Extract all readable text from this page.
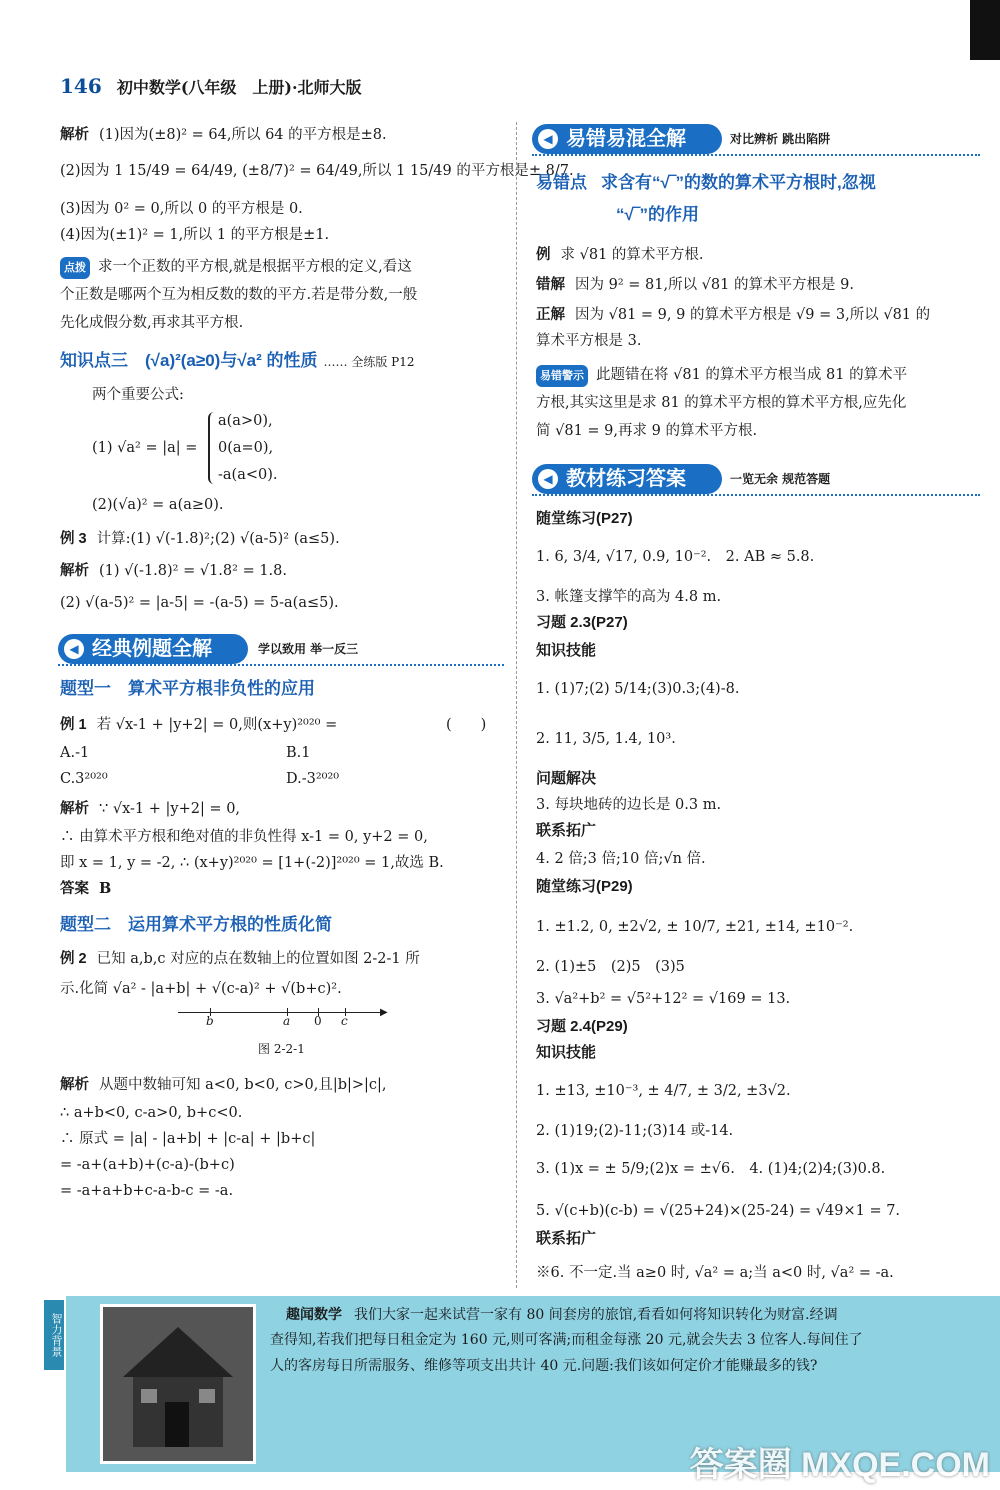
146 初中数学(八年级　上册)·北师大版
解析 (1)因为(±8)² = 64,所以 64 的平方根是±8.
(2)因为 1 15/49 = 64/49, (±8/7)² = 64/49,所以 1 15/49 的平方根是± 8/7.
(3)因为 0² = 0,所以 0 的平方根是 0.
(4)因为(±1)² = 1,所以 1 的平方根是±1.
点拨 求一个正数的平方根,就是根据平方根的定义,看这
个正数是哪两个互为相反数的数的平方.若是带分数,一般
先化成假分数,再求其平方根.
知识点三　(√a)²(a≥0)与√a² 的性质 …… 全练版 P12
两个重要公式:
(1) √a² = |a| =
a(a>0),
0(a=0),
-a(a<0).
(2)(√a)² = a(a≥0).
例 3 计算:(1) √(-1.8)²;(2) √(a-5)² (a≤5).
解析 (1) √(-1.8)² = √1.8² = 1.8.
(2) √(a-5)² = |a-5| = -(a-5) = 5-a(a≤5).
◀ 经典例题全解	学以致用 举一反三
题型一　算术平方根非负性的应用
例 1 若 √x-1 + |y+2| = 0,则(x+y)²⁰²⁰ =	(　　)
A.-1	B.1
C.3²⁰²⁰	D.-3²⁰²⁰
解析 ∵ √x-1 + |y+2| = 0,
∴ 由算术平方根和绝对值的非负性得 x-1 = 0, y+2 = 0,
即 x = 1, y = -2, ∴ (x+y)²⁰²⁰ = [1+(-2)]²⁰²⁰ = 1,故选 B.
答案 B
题型二　运用算术平方根的性质化简
例 2 已知 a,b,c 对应的点在数轴上的位置如图 2-2-1 所
示.化简 √a² - |a+b| + √(c-a)² + √(b+c)².
▶
b	a 0 c
图 2-2-1
解析 从题中数轴可知 a<0, b<0, c>0,且|b|>|c|,
∴ a+b<0, c-a>0, b+c<0.
∴ 原式 = |a| - |a+b| + |c-a| + |b+c|
= -a+(a+b)+(c-a)-(b+c)
= -a+a+b+c-a-b-c = -a.
◀ 易错易混全解	对比辨析 跳出陷阱
易错点 求含有“√‾”的数的算术平方根时,忽视
“√‾”的作用
例 求 √81 的算术平方根.
错解 因为 9² = 81,所以 √81 的算术平方根是 9.
正解 因为 √81 = 9, 9 的算术平方根是 √9 = 3,所以 √81 的
算术平方根是 3.
易错警示 此题错在将 √81 的算术平方根当成 81 的算术平
方根,其实这里是求 81 的算术平方根的算术平方根,应先化
简 √81 = 9,再求 9 的算术平方根.
◀ 教材练习答案	一览无余 规范答题
随堂练习(P27)
1. 6, 3/4, √17, 0.9, 10⁻².　2. AB ≈ 5.8.
3. 帐篷支撑竿的高为 4.8 m.
习题 2.3(P27)
知识技能
1. (1)7;(2) 5/14;(3)0.3;(4)-8.
2. 11, 3/5, 1.4, 10³.
问题解决
3. 每块地砖的边长是 0.3 m.
联系拓广
4. 2 倍;3 倍;10 倍;√n 倍.
随堂练习(P29)
1. ±1.2, 0, ±2√2, ± 10/7, ±21, ±14, ±10⁻².
2. (1)±5　(2)5　(3)5
3. √a²+b² = √5²+12² = √169 = 13.
习题 2.4(P29)
知识技能
1. ±13, ±10⁻³, ± 4/7, ± 3/2, ±3√2.
2. (1)19;(2)-11;(3)14 或-14.
3. (1)x = ± 5/9;(2)x = ±√6.　4. (1)4;(2)4;(3)0.8.
5. √(c+b)(c-b) = √(25+24)×(25-24) = √49×1 = 7.
联系拓广
※6. 不一定.当 a≥0 时, √a² = a;当 a<0 时, √a² = -a.
智力背景	趣闻数学 我们大家一起来试营一家有 80 间套房的旅馆,看看如何将知识转化为财富.经调
查得知,若我们把每日租金定为 160 元,则可客满;而租金每涨 20 元,就会失去 3 位客人.每间住了
人的客房每日所需服务、维修等项支出共计 40 元.问题:我们该如何定价才能赚最多的钱?
答案圈 MXQE.COM
